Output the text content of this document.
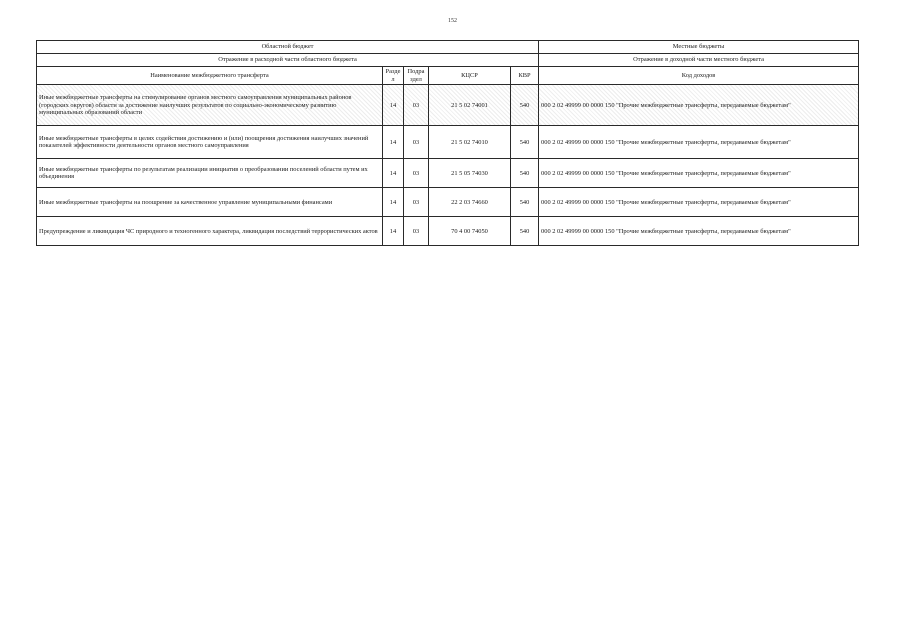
152
Областной бюджет					Местные бюджеты
Отражение в расходной части областного бюджета					Отражение в доходной части местного бюджета
Наименование межбюджетного трансферта	Разде л	Подра здел	КЦСР	КВР	Код доходов
Иные межбюджетные трансферты на стимулирование органов местного самоуправления муниципальных районов (городских округов) области за достижение наилучших результатов по социально-экономическому развитию муниципальных образований области	14	03	21 5 02 74001	540	000 2 02 49999 00 0000 150 "Прочие межбюджетные трансферты, передаваемые бюджетам"
Иные межбюджетные трансферты в целях содействия достижению и (или) поощрения достижения наилучших значений показателей эффективности деятельности органов местного самоуправления	14	03	21 5 02 74010	540	000 2 02 49999 00 0000 150 "Прочие межбюджетные трансферты, передаваемые бюджетам"
Иные межбюджетные трансферты по результатам реализации инициатив о преобразовании поселений области путем их объединения	14	03	21 5 05 74030	540	000 2 02 49999 00 0000 150 "Прочие межбюджетные трансферты, передаваемые бюджетам"
Иные межбюджетные трансферты на поощрение за качественное управление муниципальными финансами	14	03	22 2 03 74660	540	000 2 02 49999 00 0000 150 "Прочие межбюджетные трансферты, передаваемые бюджетам"
Предупреждение и ликвидация ЧС природного и техногенного характера, ликвидация последствий террористических актов	14	03	70 4 00 74050	540	000 2 02 49999 00 0000 150 "Прочие межбюджетные трансферты, передаваемые бюджетам"
